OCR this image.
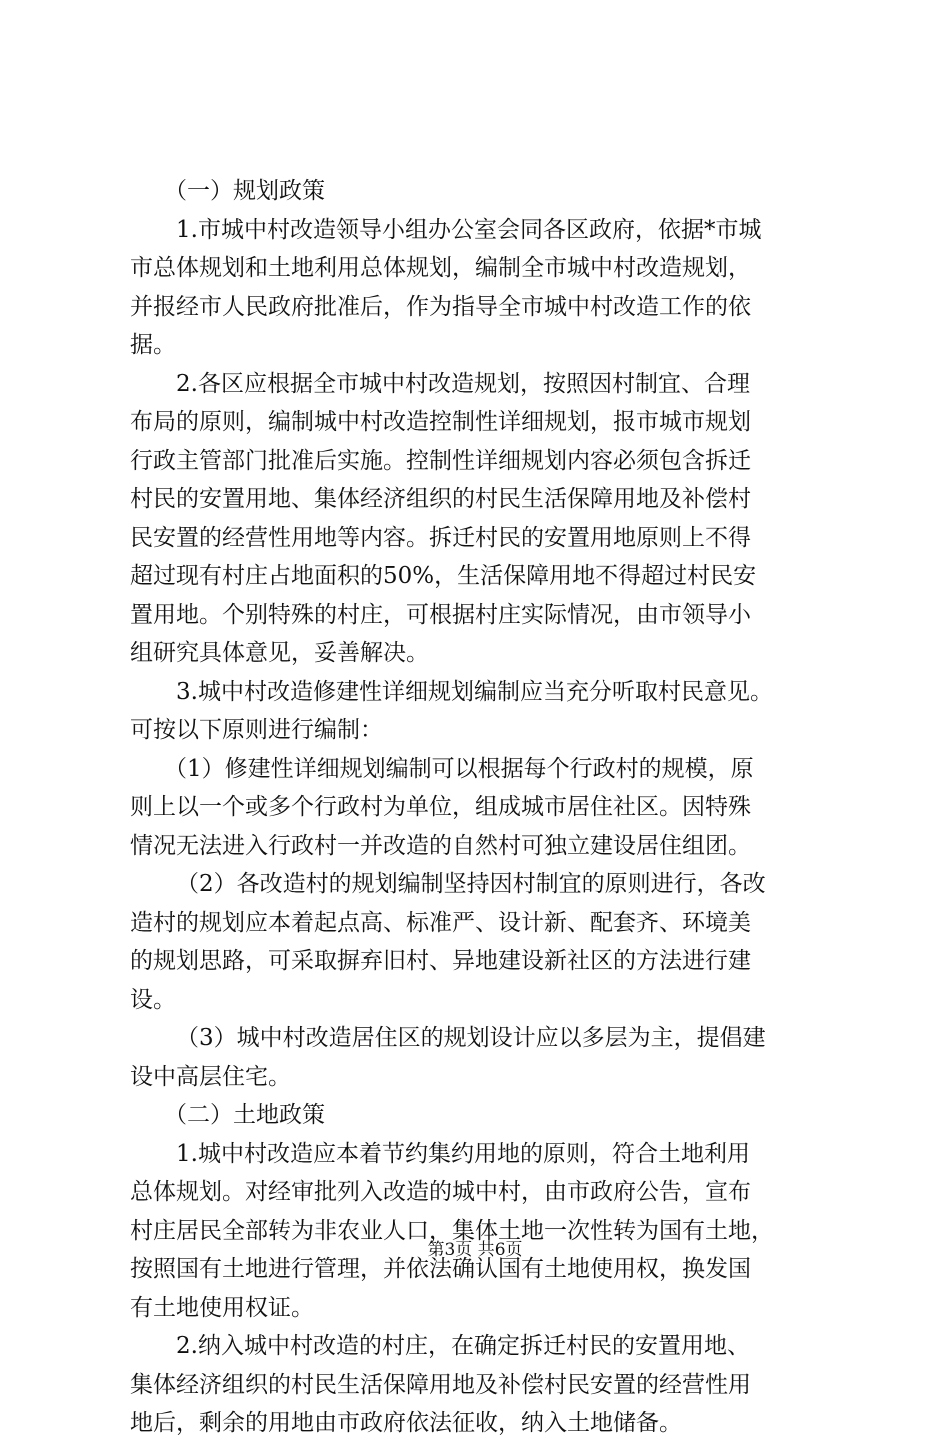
（一）规划政策
1.市城中村改造领导小组办公室会同各区政府，依据*市城
市总体规划和土地利用总体规划，编制全市城中村改造规划，
并报经市人民政府批准后，作为指导全市城中村改造工作的依
据。
2.各区应根据全市城中村改造规划，按照因村制宜、合理
布局的原则，编制城中村改造控制性详细规划，报市城市规划
行政主管部门批准后实施。控制性详细规划内容必须包含拆迁
村民的安置用地、集体经济组织的村民生活保障用地及补偿村
民安置的经营性用地等内容。拆迁村民的安置用地原则上不得
超过现有村庄占地面积的50%，生活保障用地不得超过村民安
置用地。个别特殊的村庄，可根据村庄实际情况，由市领导小
组研究具体意见，妥善解决。
3.城中村改造修建性详细规划编制应当充分听取村民意见。
可按以下原则进行编制：
（1）修建性详细规划编制可以根据每个行政村的规模，原
则上以一个或多个行政村为单位，组成城市居住社区。因特殊
情况无法进入行政村一并改造的自然村可独立建设居住组团。
（2）各改造村的规划编制坚持因村制宜的原则进行，各改
造村的规划应本着起点高、标准严、设计新、配套齐、环境美
的规划思路，可采取摒弃旧村、异地建设新社区的方法进行建
设。
（3）城中村改造居住区的规划设计应以多层为主，提倡建
设中高层住宅。
（二）土地政策
1.城中村改造应本着节约集约用地的原则，符合土地利用
总体规划。对经审批列入改造的城中村，由市政府公告，宣布
村庄居民全部转为非农业人口，集体土地一次性转为国有土地，
按照国有土地进行管理，并依法确认国有土地使用权，换发国
有土地使用权证。
2.纳入城中村改造的村庄，在确定拆迁村民的安置用地、
集体经济组织的村民生活保障用地及补偿村民安置的经营性用
地后，剩余的用地由市政府依法征收，纳入土地储备。
第3页 共6页
